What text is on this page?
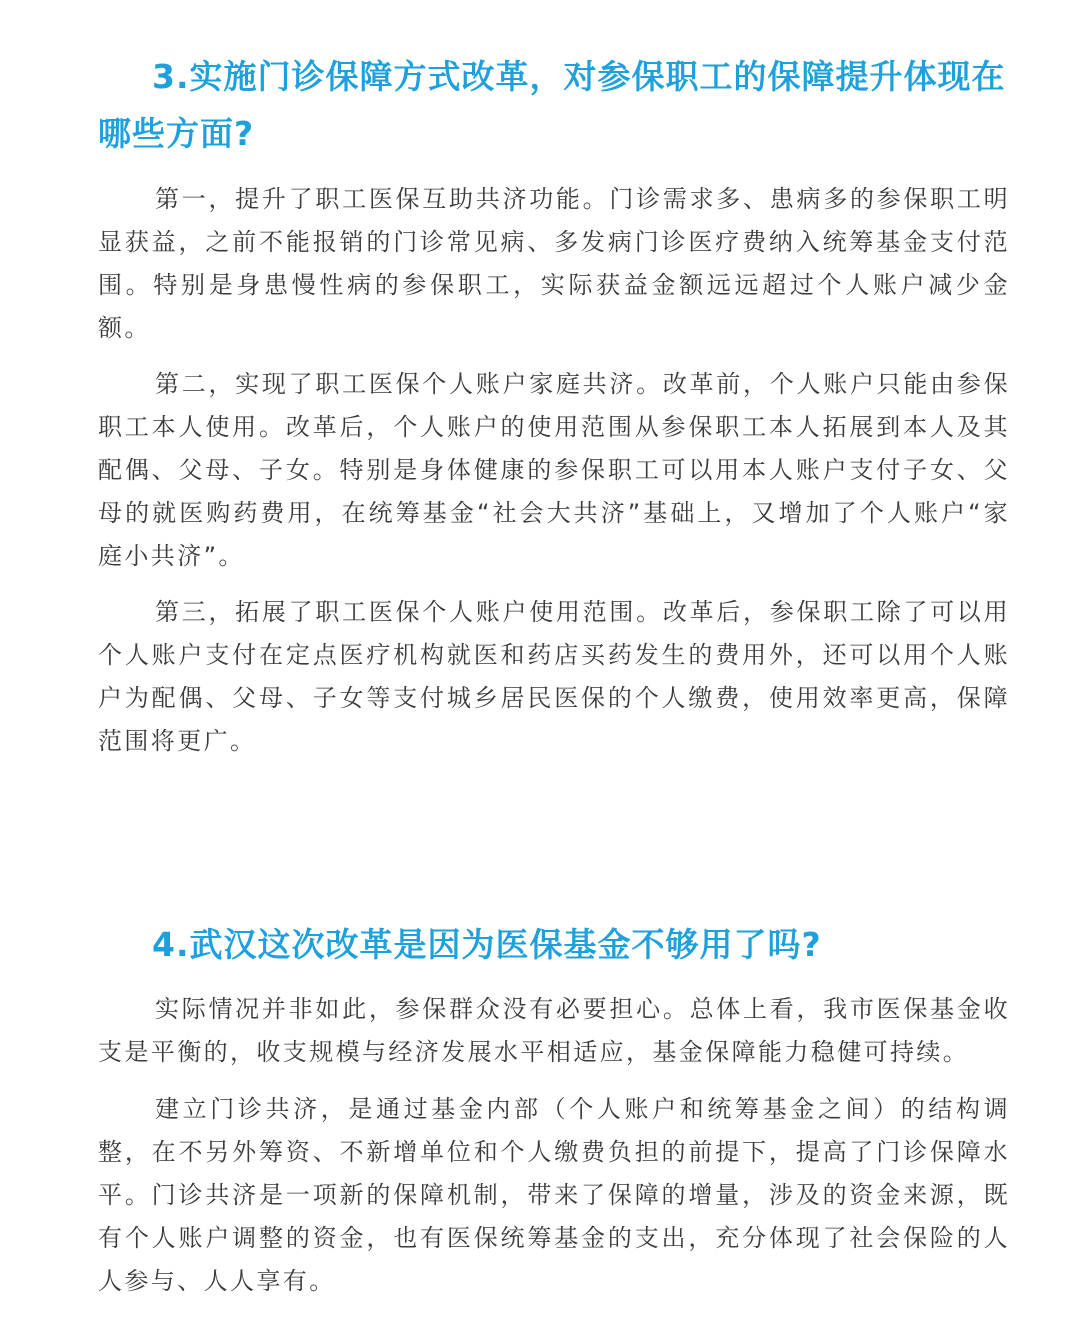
3.实施门诊保障方式改革，对参保职工的保障提升体现在哪些方面?

第一，提升了职工医保互助共济功能。门诊需求多、患病多的参保职工明显获益，之前不能报销的门诊常见病、多发病门诊医疗费纳入统筹基金支付范围。特别是身患慢性病的参保职工，实际获益金额远远超过个人账户减少金额。

第二，实现了职工医保个人账户家庭共济。改革前，个人账户只能由参保职工本人使用。改革后，个人账户的使用范围从参保职工本人拓展到本人及其配偶、父母、子女。特别是身体健康的参保职工可以用本人账户支付子女、父母的就医购药费用，在统筹基金“社会大共济”基础上，又增加了个人账户“家庭小共济”。

第三，拓展了职工医保个人账户使用范围。改革后，参保职工除了可以用个人账户支付在定点医疗机构就医和药店买药发生的费用外，还可以用个人账户为配偶、父母、子女等支付城乡居民医保的个人缴费，使用效率更高，保障范围将更广。

4.武汉这次改革是因为医保基金不够用了吗?

实际情况并非如此，参保群众没有必要担心。总体上看，我市医保基金收支是平衡的，收支规模与经济发展水平相适应，基金保障能力稳健可持续。

建立门诊共济，是通过基金内部（个人账户和统筹基金之间）的结构调整，在不另外筹资、不新增单位和个人缴费负担的前提下，提高了门诊保障水平。门诊共济是一项新的保障机制，带来了保障的增量，涉及的资金来源，既有个人账户调整的资金，也有医保统筹基金的支出，充分体现了社会保险的人人参与、人人享有。
